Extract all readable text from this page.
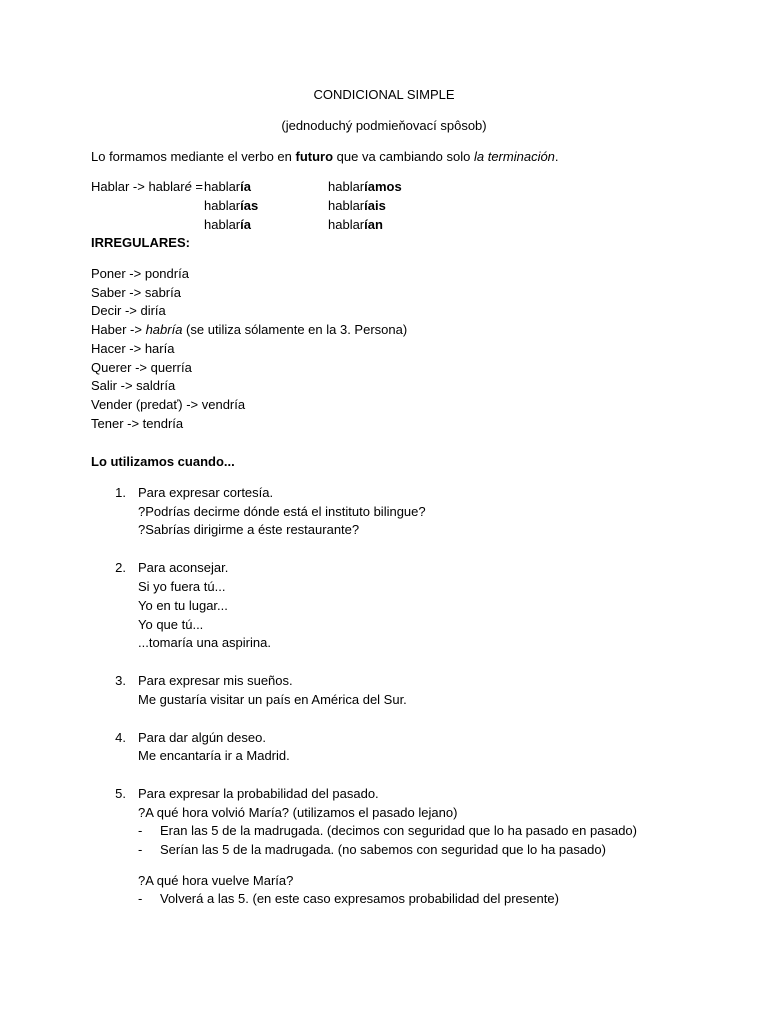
CONDICIONAL SIMPLE
(jednoduchý podmieňovací spôsob)
Lo formamos mediante el verbo en futuro que va cambiando solo la terminación.
Hablar -> hablaré = hablaría
hablarías
hablaría
hablaríamos
hablaríais
hablarían
IRREGULARES:
Poner -> pondría
Saber -> sabría
Decir -> diría
Haber -> habría (se utiliza sólamente en la 3. Persona)
Hacer -> haría
Querer -> querría
Salir -> saldría
Vender (predať) -> vendría
Tener -> tendría
Lo utilizamos cuando...
1. Para expresar cortesía.
?Podrías decirme dónde está el instituto bilingue?
?Sabrías dirigirme a éste restaurante?
2. Para aconsejar.
Si yo fuera tú...
Yo en tu lugar...
Yo que tú...
...tomaría una aspirina.
3. Para expresar mis sueños.
Me gustaría visitar un país en América del Sur.
4. Para dar algún deseo.
Me encantaría ir a Madrid.
5. Para expresar la probabilidad del pasado.
?A qué hora volvió María? (utilizamos el pasado lejano)
- Eran las 5 de la madrugada. (decimos con seguridad que lo ha pasado en pasado)
- Serían las 5 de la madrugada. (no sabemos con seguridad que lo ha pasado)
?A qué hora vuelve María?
- Volverá a las 5. (en este caso expresamos probabilidad del presente)
